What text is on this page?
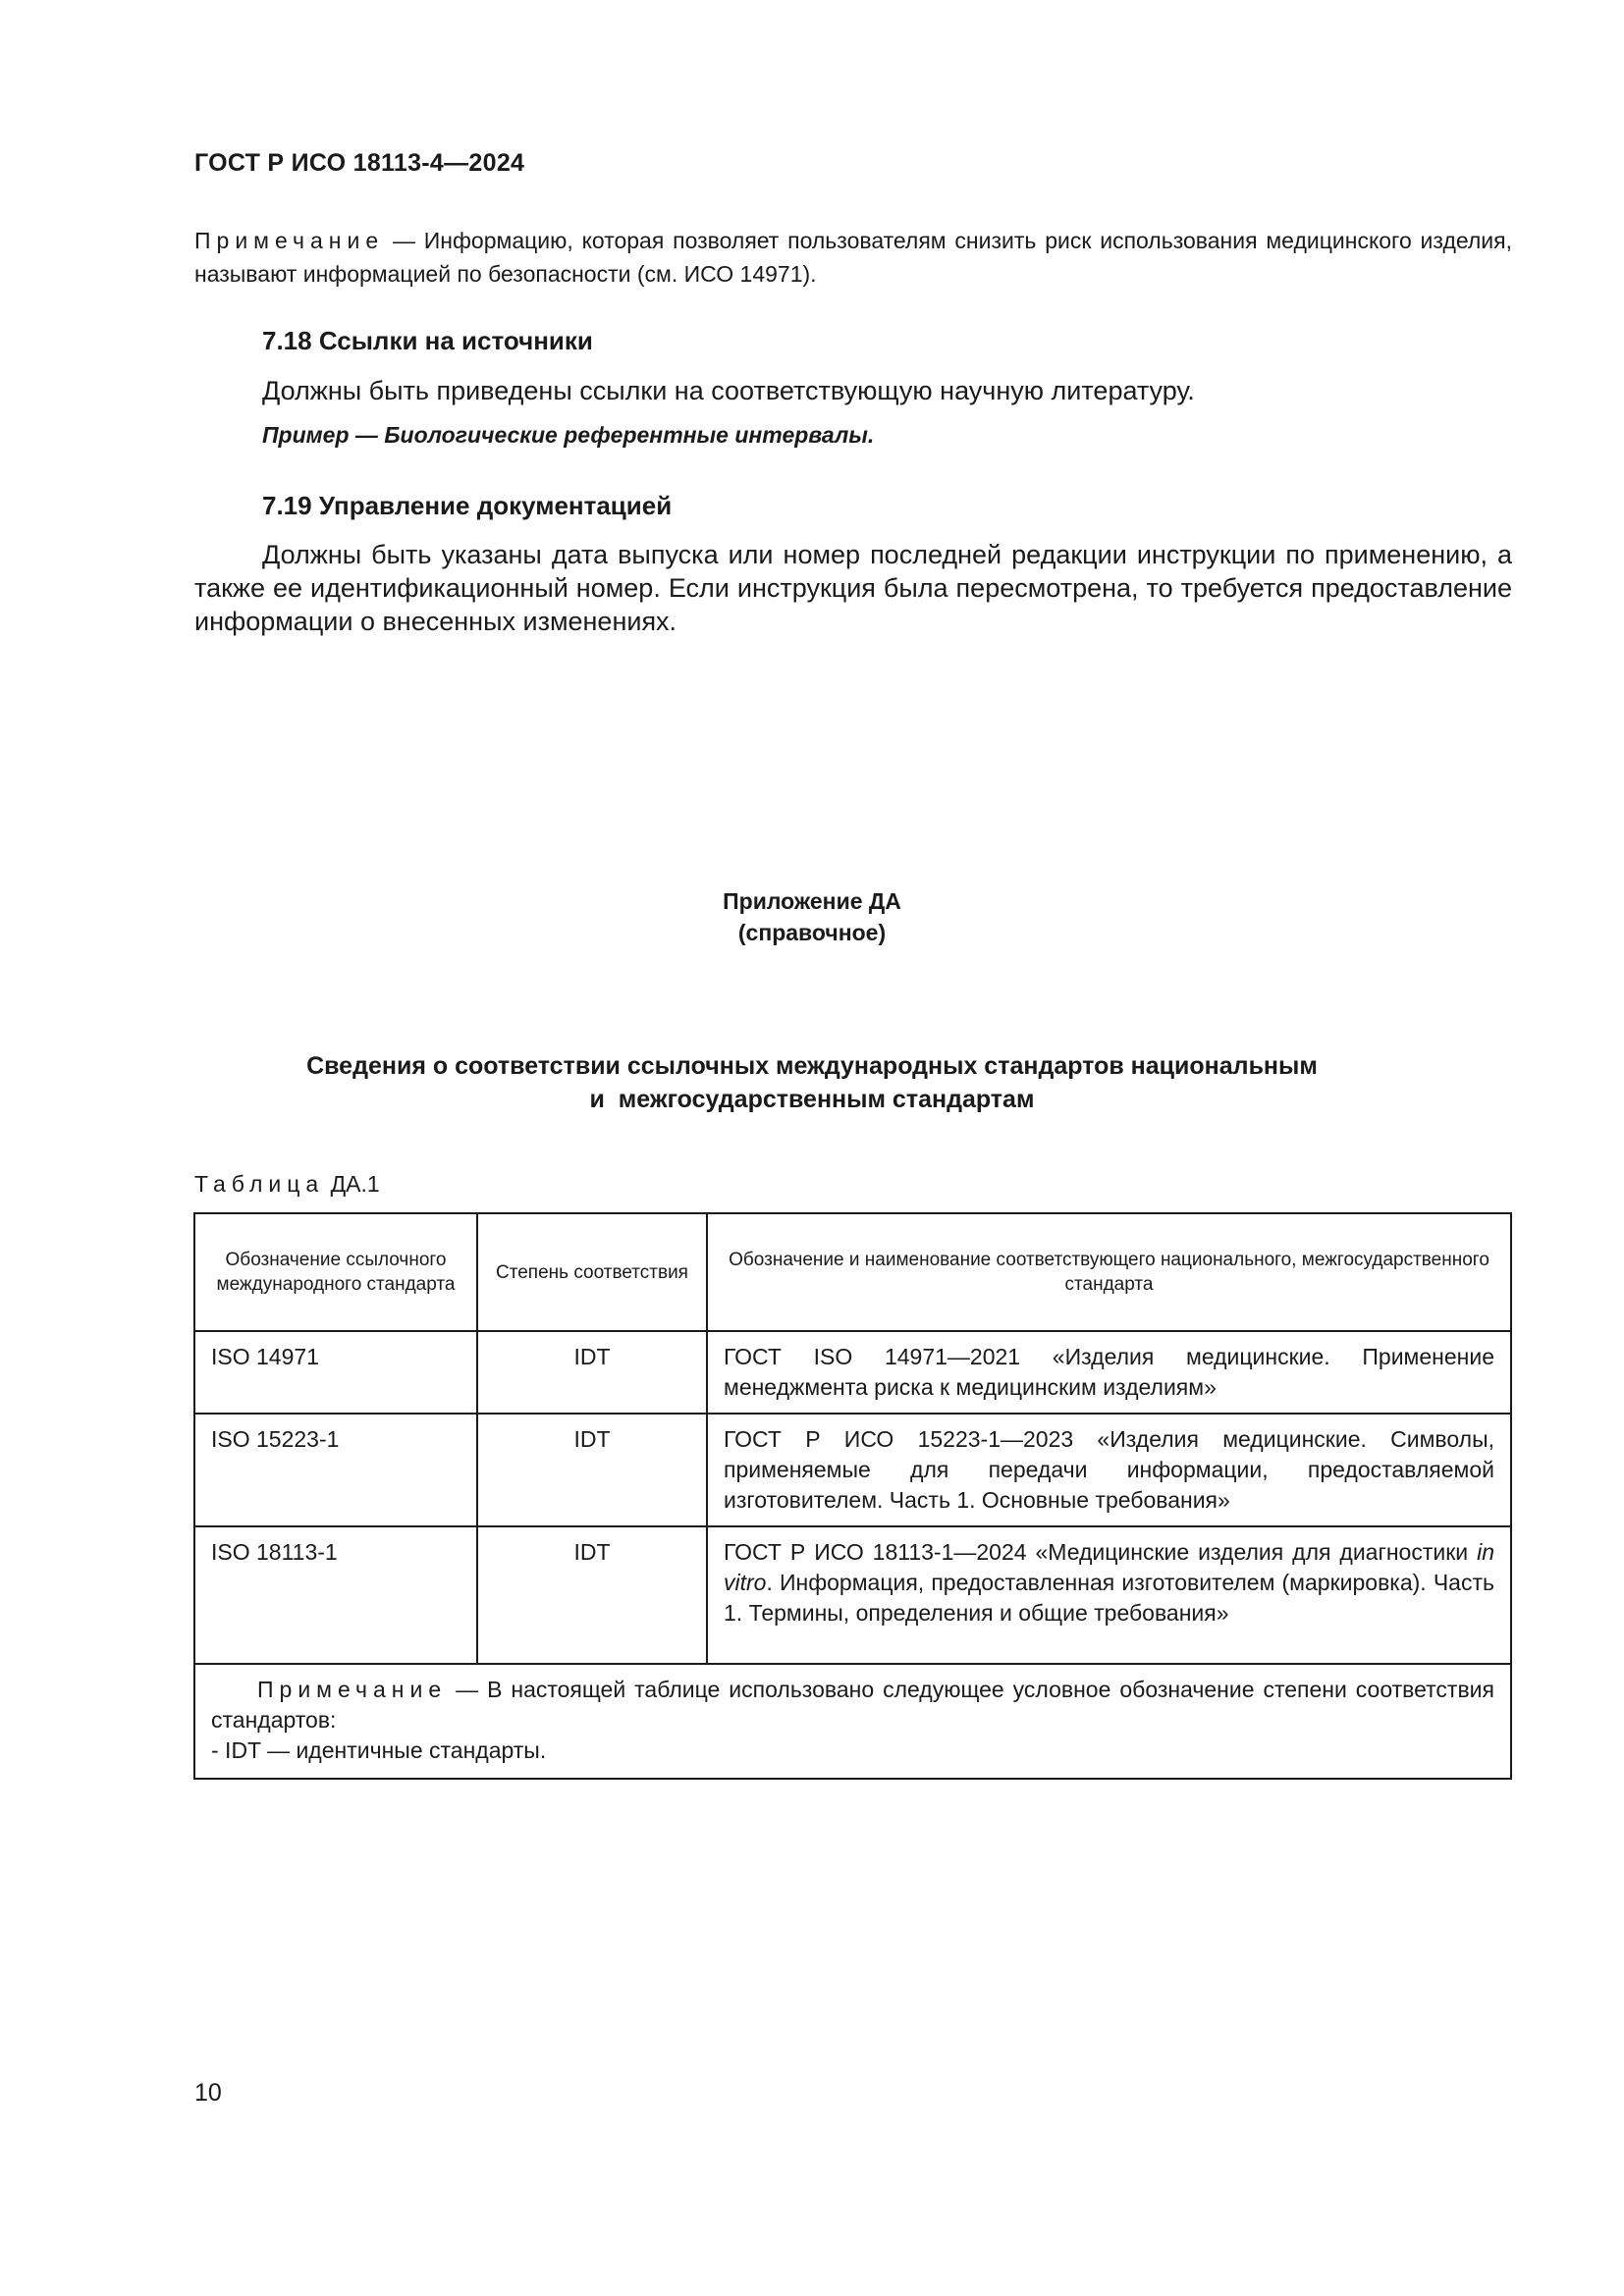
ГОСТ Р ИСО 18113-4—2024
Примечание — Информацию, которая позволяет пользователям снизить риск использования медицинского изделия, называют информацией по безопасности (см. ИСО 14971).
7.18 Ссылки на источники
Должны быть приведены ссылки на соответствующую научную литературу.
Пример — Биологические референтные интервалы.
7.19 Управление документацией
Должны быть указаны дата выпуска или номер последней редакции инструкции по применению, а также ее идентификационный номер. Если инструкция была пересмотрена, то требуется предоставление информации о внесенных изменениях.
Приложение ДА
(справочное)
Сведения о соответствии ссылочных международных стандартов национальным
и  межгосударственным стандартам
Таблица ДА.1
Обозначение ссылочного международного стандарта	Степень соответствия	Обозначение и наименование соответствующего национального, межгосударственного стандарта
ISO 14971	IDT	ГОСТ ISO 14971—2021 «Изделия медицинские. Применение менеджмента риска к медицинским изделиям»
ISO 15223-1	IDT	ГОСТ Р ИСО 15223-1—2023 «Изделия медицинские. Символы, применяемые для передачи информации, предоставляемой изготовителем. Часть 1. Основные требования»
ISO 18113-1	IDT	ГОСТ Р ИСО 18113-1—2024 «Медицинские изделия для диагностики in vitro. Информация, предоставленная изготовителем (маркировка). Часть 1. Термины, определения и общие требования»

Примечание — В настоящей таблице использовано следующее условное обозначение степени соответствия стандартов:
- IDT — идентичные стандарты.		
10
